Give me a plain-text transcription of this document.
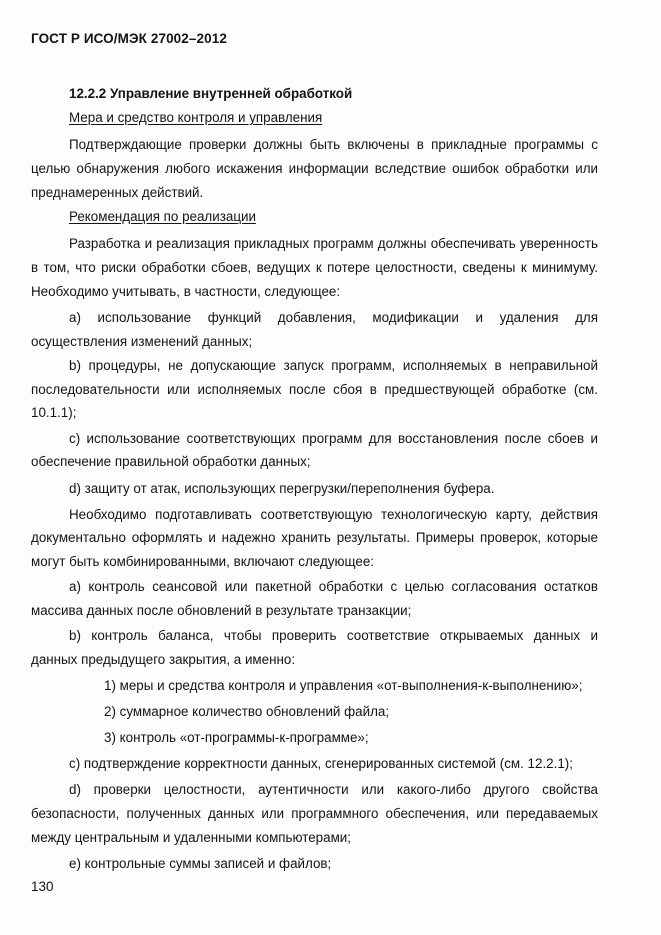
ГОСТ Р ИСО/МЭК 27002–2012
12.2.2 Управление внутренней обработкой
Мера и средство контроля и управления
Подтверждающие проверки должны быть включены в прикладные программы с
целью обнаружения любого искажения информации вследствие ошибок обработки или
преднамеренных действий.
Рекомендация по реализации
Разработка и реализация прикладных программ должны обеспечивать уверенность
в том, что риски обработки сбоев, ведущих к потере целостности, сведены к минимуму.
Необходимо учитывать, в частности, следующее:
a) использование функций добавления, модификации и удаления для
осуществления изменений данных;
b) процедуры, не допускающие запуск программ, исполняемых в неправильной
последовательности или исполняемых после сбоя в предшествующей обработке (см.
10.1.1);
c) использование соответствующих программ для восстановления после сбоев и
обеспечение правильной обработки данных;
d) защиту от атак, использующих перегрузки/переполнения буфера.
Необходимо подготавливать соответствующую технологическую карту, действия
документально оформлять и надежно хранить результаты. Примеры проверок, которые
могут быть комбинированными, включают следующее:
a) контроль сеансовой или пакетной обработки с целью согласования остатков
массива данных после обновлений в результате транзакции;
b) контроль баланса, чтобы проверить соответствие открываемых данных и
данных предыдущего закрытия, а именно:
1) меры и средства контроля и управления «от-выполнения-к-выполнению»;
2) суммарное количество обновлений файла;
3) контроль «от-программы-к-программе»;
c) подтверждение корректности данных, сгенерированных системой (см. 12.2.1);
d) проверки целостности, аутентичности или какого-либо другого свойства
безопасности, полученных данных или программного обеспечения, или передаваемых
между центральным и удаленными компьютерами;
e) контрольные суммы записей и файлов;
130
